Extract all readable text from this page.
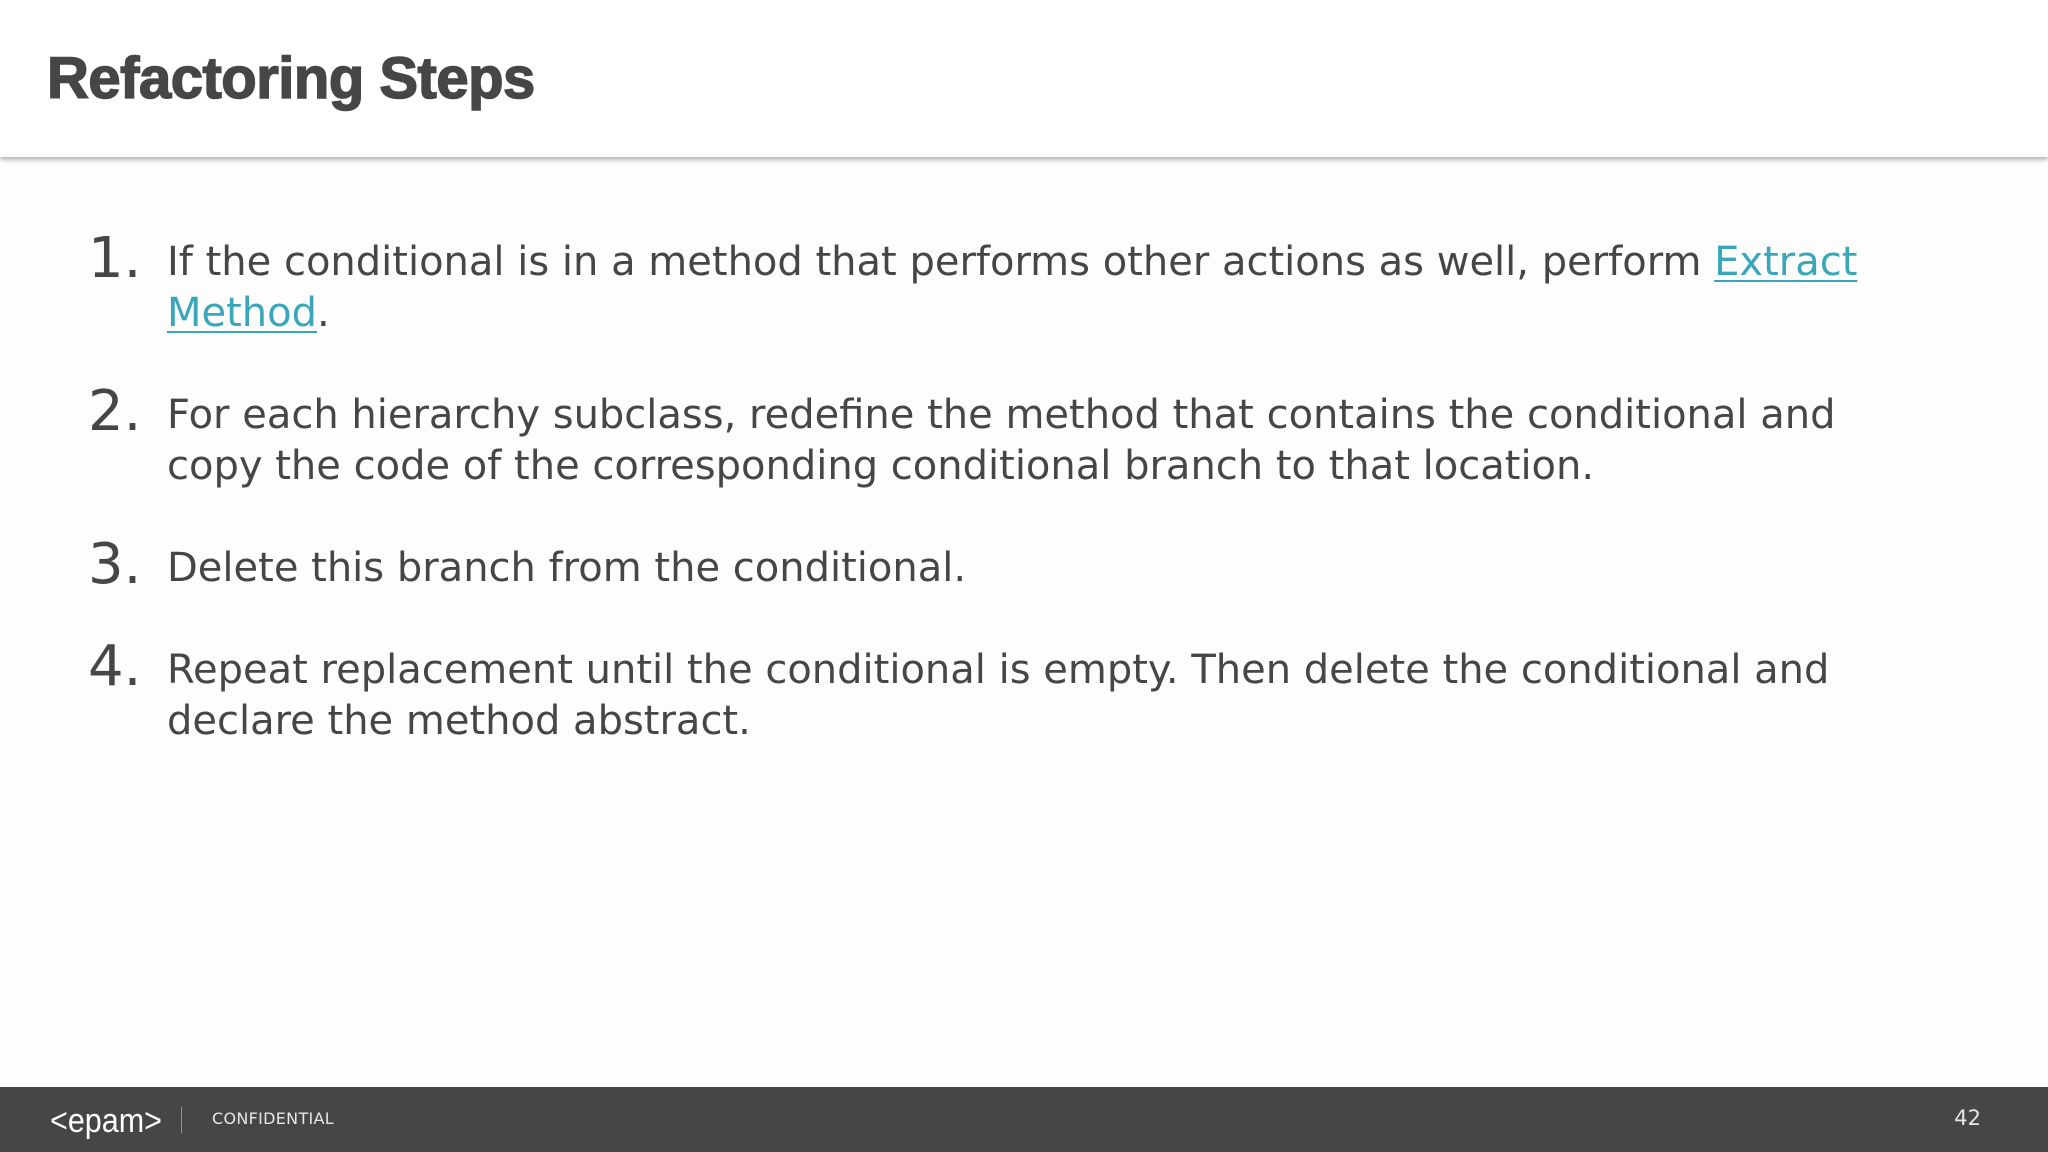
Refactoring Steps
1. If the conditional is in a method that performs other actions as well, perform Extract Method.
2. For each hierarchy subclass, redefine the method that contains the conditional and copy the code of the corresponding conditional branch to that location.
3. Delete this branch from the conditional.
4. Repeat replacement until the conditional is empty. Then delete the conditional and declare the method abstract.
<epam>	CONFIDENTIAL	42
